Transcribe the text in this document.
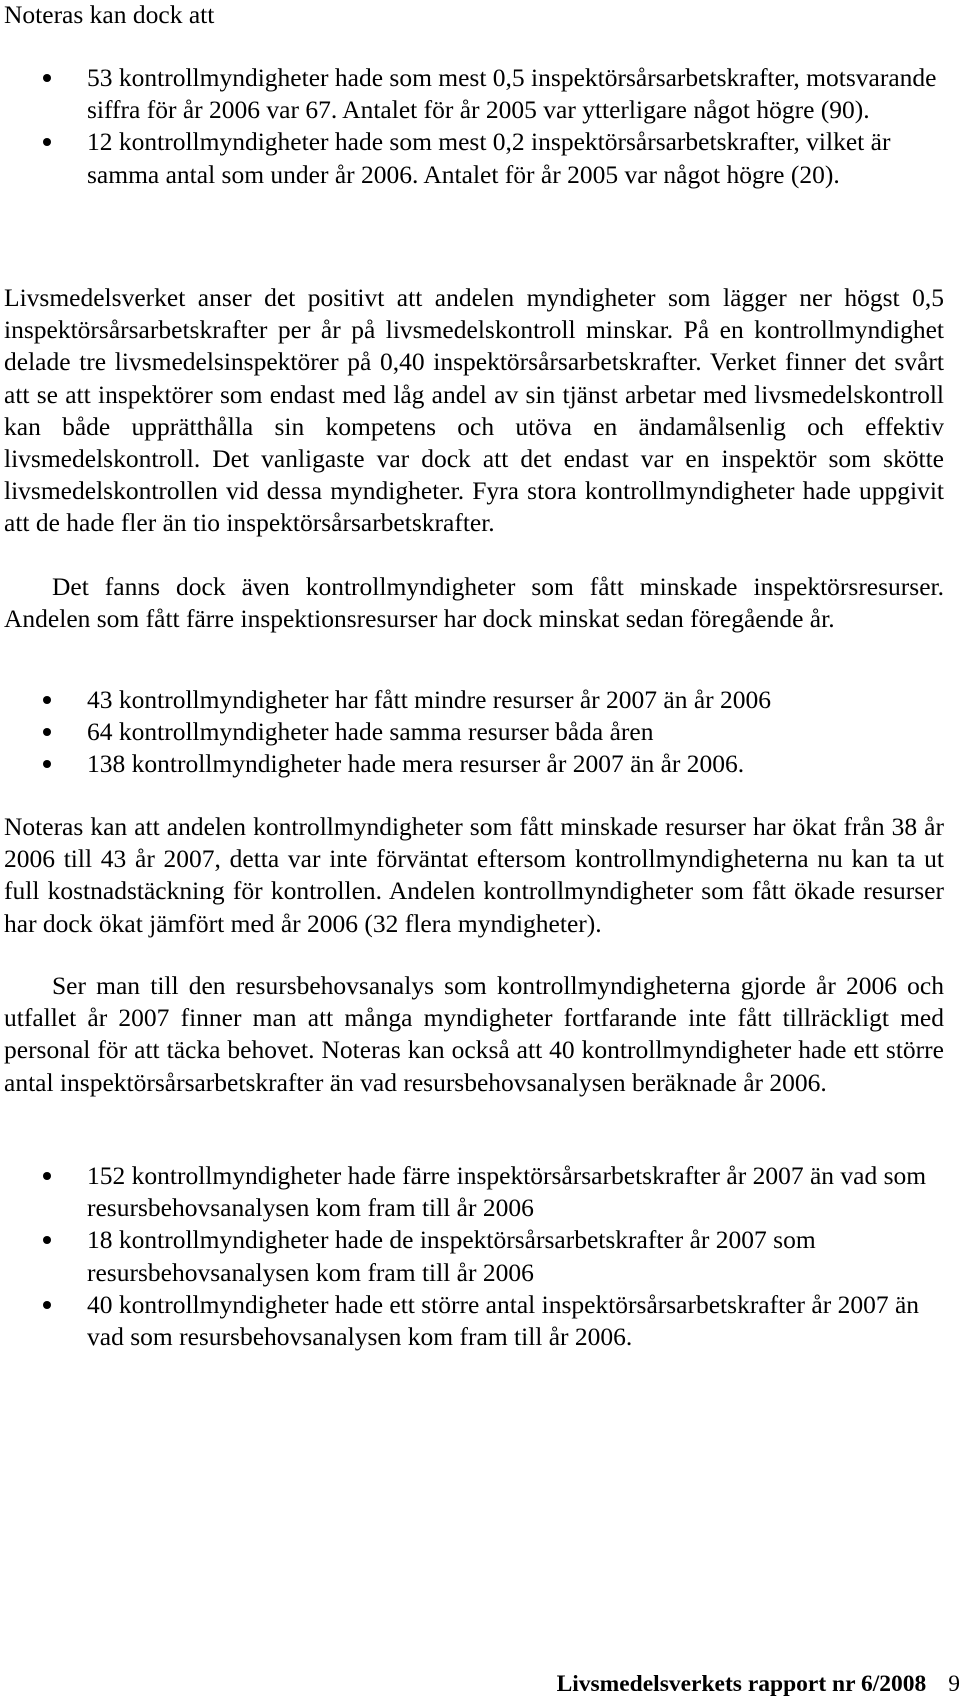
Noteras kan dock att

53 kontrollmyndigheter hade som mest 0,5 inspektörsårsarbetskrafter, motsvarande siffra för år 2006 var 67. Antalet för år 2005 var ytterligare något högre (90).
12 kontrollmyndigheter hade som mest 0,2 inspektörsårsarbetskrafter, vilket är samma antal som under år 2006. Antalet för år 2005 var något högre (20).

Livsmedelsverket anser det positivt att andelen myndigheter som lägger ner högst 0,5 inspektörsårsarbetskrafter per år på livsmedelskontroll minskar. På en kontrollmyndighet delade tre livsmedelsinspektörer på 0,40 inspektörsårsarbetskrafter. Verket finner det svårt att se att inspektörer som endast med låg andel av sin tjänst arbetar med livsmedelskontroll kan både upprätthålla sin kompetens och utöva en ändamålsenlig och effektiv livsmedelskontroll. Det vanligaste var dock att det endast var en inspektör som skötte livsmedelskontrollen vid dessa myndigheter. Fyra stora kontrollmyndigheter hade uppgivit att de hade fler än tio inspektörsårsarbetskrafter.

Det fanns dock även kontrollmyndigheter som fått minskade inspektörsresurser. Andelen som fått färre inspektionsresurser har dock minskat sedan föregående år.

43 kontrollmyndigheter har fått mindre resurser år 2007 än år 2006
64 kontrollmyndigheter hade samma resurser båda åren
138 kontrollmyndigheter hade mera resurser år 2007 än år 2006.

Noteras kan att andelen kontrollmyndigheter som fått minskade resurser har ökat från 38 år 2006 till 43 år 2007, detta var inte förväntat eftersom kontrollmyndigheterna nu kan ta ut full kostnadstäckning för kontrollen. Andelen kontrollmyndigheter som fått ökade resurser har dock ökat jämfört med år 2006 (32 flera myndigheter).

Ser man till den resursbehovsanalys som kontrollmyndigheterna gjorde år 2006 och utfallet år 2007 finner man att många myndigheter fortfarande inte fått tillräckligt med personal för att täcka behovet. Noteras kan också att 40 kontrollmyndigheter hade ett större antal inspektörsårsarbetskrafter än vad resursbehovsanalysen beräknade år 2006.

152 kontrollmyndigheter hade färre inspektörsårsarbetskrafter år 2007 än vad som resursbehovsanalysen kom fram till år 2006
18 kontrollmyndigheter hade de inspektörsårsarbetskrafter år 2007 som resursbehovsanalysen kom fram till år 2006
40 kontrollmyndigheter hade ett större antal inspektörsårsarbetskrafter år 2007 än vad som resursbehovsanalysen kom fram till år 2006.

Livsmedelsverkets rapport nr 6/2008 9
